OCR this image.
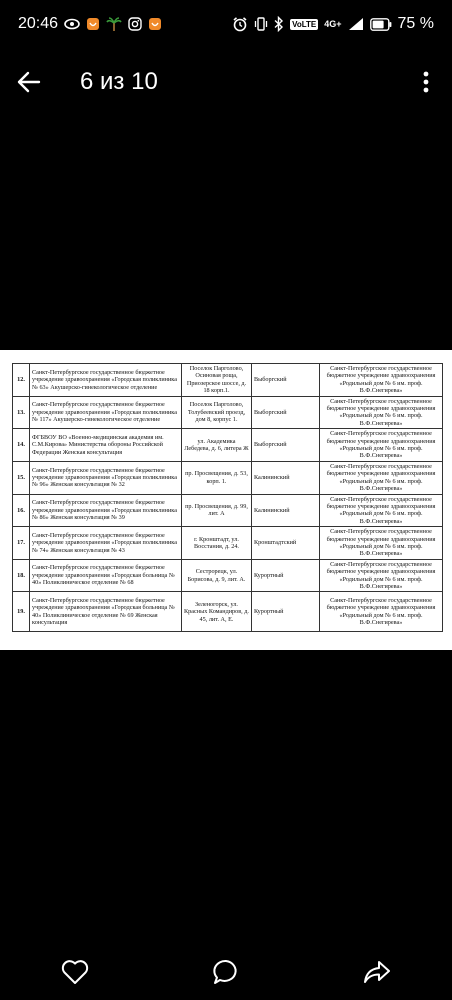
20:46	VoLTE 4G+	75 %
6 из 10
12.	Санкт-Петербургское государственное бюджетное учреждение здравоохранения «Городская поликлиника № 63» Акушерско-гинекологическое отделение	Поселок Парголово, Осиновая роща, Приозерское шоссе, д. 18 корп.1.	Выборгский	Санкт-Петербургское государственное бюджетное учреждение здравоохранения «Родильный дом № 6 им. проф. В.Ф.Снегирева»
13.	Санкт-Петербургское государственное бюджетное учреждение здравоохранения «Городская поликлиника № 117» Акушерско-гинекологическое отделение	Поселок Парголово, Толубеевский проезд, дом 8, корпус 1.	Выборгский	Санкт-Петербургское государственное бюджетное учреждение здравоохранения «Родильный дом № 6 им. проф. В.Ф.Снегирева»
14.	ФГБВОУ ВО «Военно-медицинская академия им. С.М.Кирова» Министерства обороны Российской Федерации Женская консультация	ул. Академика Лебедева, д. 6, литера Ж	Выборгский	Санкт-Петербургское государственное бюджетное учреждение здравоохранения «Родильный дом № 6 им. проф. В.Ф.Снегирева»
15.	Санкт-Петербургское государственное бюджетное учреждение здравоохранения «Городская поликлиника № 96» Женская консультация № 32	пр. Просвещения, д. 53, корп. 1.	Калининский	Санкт-Петербургское государственное бюджетное учреждение здравоохранения «Родильный дом № 6 им. проф. В.Ф.Снегирева»
16.	Санкт-Петербургское государственное бюджетное учреждение здравоохранения «Городская поликлиника № 86» Женская консультация № 39	пр. Просвещения, д. 99, лит. А	Калининский	Санкт-Петербургское государственное бюджетное учреждение здравоохранения «Родильный дом № 6 им. проф. В.Ф.Снегирева»
17.	Санкт-Петербургское государственное бюджетное учреждение здравоохранения «Городская поликлиника № 74» Женская консультация № 43	г. Кронштадт, ул. Восстания, д. 24.	Кронштадтский	Санкт-Петербургское государственное бюджетное учреждение здравоохранения «Родильный дом № 6 им. проф. В.Ф.Снегирева»
18.	Санкт-Петербургское государственное бюджетное учреждение здравоохранения «Городская больница № 40» Поликлиническое отделение № 68	Сестрорецк, ул. Борисова, д. 9, лит. А.	Курортный	Санкт-Петербургское государственное бюджетное учреждение здравоохранения «Родильный дом № 6 им. проф. В.Ф.Снегирева»
19.	Санкт-Петербургское государственное бюджетное учреждение здравоохранения «Городская больница № 40» Поликлиническое отделение № 69 Женская консультация	Зеленогорск, ул. Красных Командиров, д. 45, лит. А, Е.	Курортный	Санкт-Петербургское государственное бюджетное учреждение здравоохранения «Родильный дом № 6 им. проф. В.Ф.Снегирева»
